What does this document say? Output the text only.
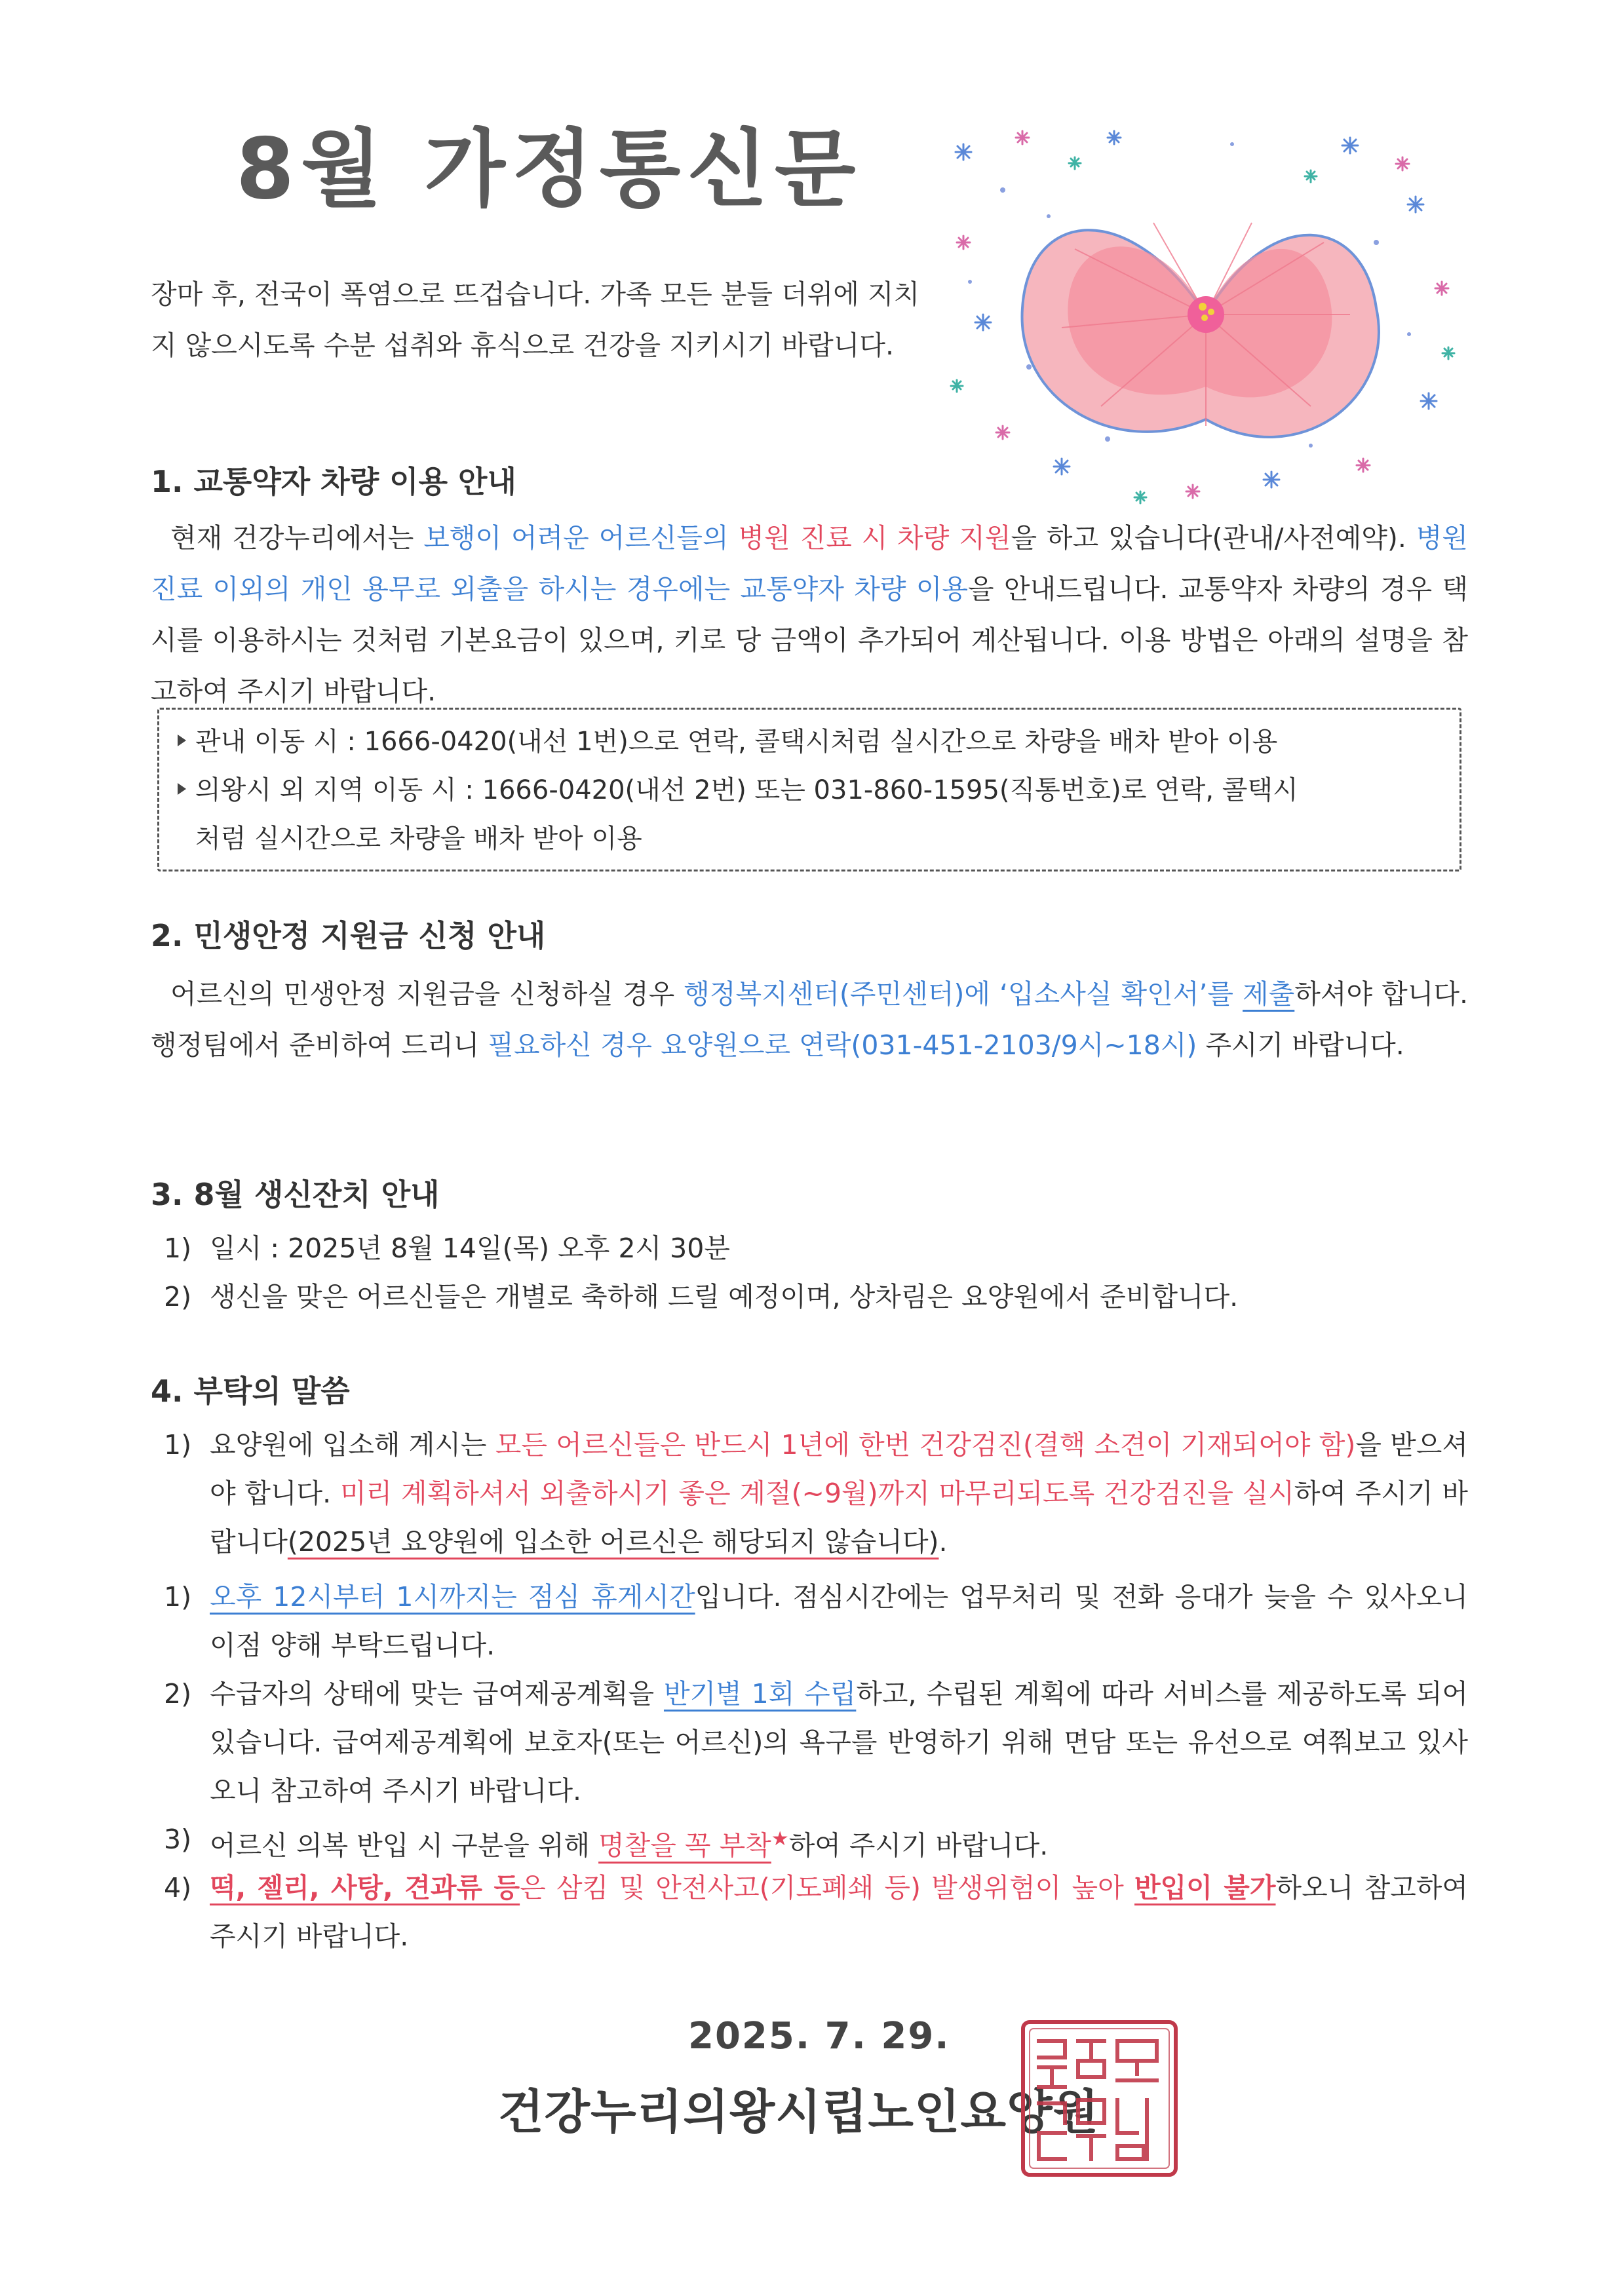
8월 가정통신문
장마 후, 전국이 폭염으로 뜨겁습니다. 가족 모든 분들 더위에 지치지 않으시도록 수분 섭취와 휴식으로 건강을 지키시기 바랍니다.
1. 교통약자 차량 이용 안내
현재 건강누리에서는 보행이 어려운 어르신들의 병원 진료 시 차량 지원을 하고 있습니다(관내/사전예약). 병원 진료 이외의 개인 용무로 외출을 하시는 경우에는 교통약자 차량 이용을 안내드립니다. 교통약자 차량의 경우 택시를 이용하시는 것처럼 기본요금이 있으며, 키로 당 금액이 추가되어 계산됩니다. 이용 방법은 아래의 설명을 참고하여 주시기 바랍니다.
관내 이동 시 : 1666-0420(내선 1번)으로 연락, 콜택시처럼 실시간으로 차량을 배차 받아 이용
의왕시 외 지역 이동 시 : 1666-0420(내선 2번) 또는 031-860-1595(직통번호)로 연락, 콜택시
처럼 실시간으로 차량을 배차 받아 이용
2. 민생안정 지원금 신청 안내
어르신의 민생안정 지원금을 신청하실 경우 행정복지센터(주민센터)에 ‘입소사실 확인서’를 제출하셔야 합니다. 행정팀에서 준비하여 드리니 필요하신 경우 요양원으로 연락(031-451-2103/9시~18시) 주시기 바랍니다.
3. 8월 생신잔치 안내
1) 일시 : 2025년 8월 14일(목) 오후 2시 30분
2) 생신을 맞은 어르신들은 개별로 축하해 드릴 예정이며, 상차림은 요양원에서 준비합니다.
4. 부탁의 말씀
1) 요양원에 입소해 계시는 모든 어르신들은 반드시 1년에 한번 건강검진(결핵 소견이 기재되어야 함)을 받으셔야 합니다. 미리 계획하셔서 외출하시기 좋은 계절(~9월)까지 마무리되도록 건강검진을 실시하여 주시기 바랍니다(2025년 요양원에 입소한 어르신은 해당되지 않습니다).
1) 오후 12시부터 1시까지는 점심 휴게시간입니다. 점심시간에는 업무처리 및 전화 응대가 늦을 수 있사오니 이점 양해 부탁드립니다.
2) 수급자의 상태에 맞는 급여제공계획을 반기별 1회 수립하고, 수립된 계획에 따라 서비스를 제공하도록 되어있습니다. 급여제공계획에 보호자(또는 어르신)의 욕구를 반영하기 위해 면담 또는 유선으로 여쭤보고 있사오니 참고하여 주시기 바랍니다.
3) 어르신 의복 반입 시 구분을 위해 명찰을 꼭 부착★하여 주시기 바랍니다.
4) 떡, 젤리, 사탕, 견과류 등은 삼킴 및 안전사고(기도폐쇄 등) 발생위험이 높아 반입이 불가하오니 참고하여 주시기 바랍니다.
2025. 7. 29.
건강누리의왕시립노인요양원
